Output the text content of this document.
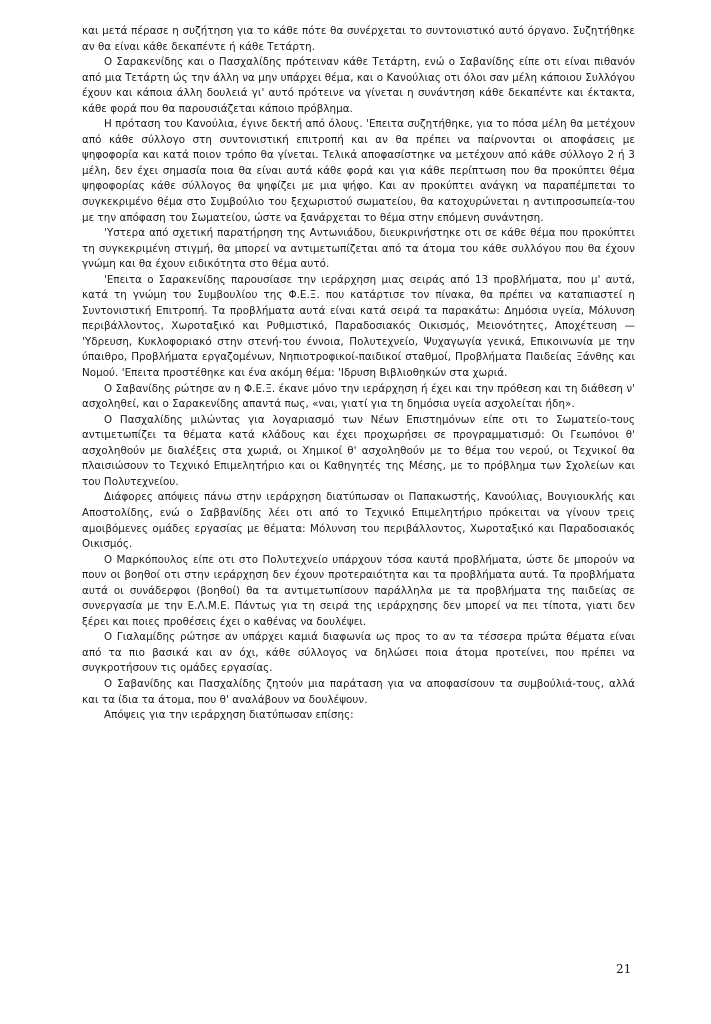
και μετά πέρασε η συζήτηση για το κάθε πότε θα συνέρχεται το συντονιστικό αυτό όργανο. Συζητήθηκε αν θα είναι κάθε δεκαπέντε ή κάθε Τετάρτη.

Ο Σαρακενίδης και ο Πασχαλίδης πρότειναν κάθε Τετάρτη, ενώ ο Σαβανίδης είπε οτι είναι πιθανόν από μια Τετάρτη ώς την άλλη να μην υπάρχει θέμα, και ο Κανούλιας οτι όλοι σαν μέλη κάποιου Συλλόγου έχουν και κάποια άλλη δουλειά γι' αυτό πρότεινε να γίνεται η συνάντηση κάθε δεκαπέντε και έκτακτα, κάθε φορά που θα παρουσιάζεται κάποιο πρόβλημα.

Η πρόταση του Κανούλια, έγινε δεκτή από όλους. 'Επειτα συζητήθηκε, για το πόσα μέλη θα μετέχουν από κάθε σύλλογο στη συντονιστική επιτροπή και αν θα πρέπει να παίρνονται οι αποφάσεις με ψηφοφορία και κατά ποιον τρόπο θα γίνεται. Τελικά αποφασίστηκε να μετέχουν από κάθε σύλλογο 2 ή 3 μέλη, δεν έχει σημασία ποια θα είναι αυτά κάθε φορά και για κάθε περίπτωση που θα προκύπτει θέμα ψηφοφορίας κάθε σύλλογος θα ψηφίζει με μια ψήφο. Και αν προκύπτει ανάγκη να παραπέμπεται το συγκεκριμένο θέμα στο Συμβούλιο του ξεχωριστού σωματείου, θα κατοχυρώνεται η αντιπροσωπεία-του με την απόφαση του Σωματείου, ώστε να ξανάρχεται το θέμα στην επόμενη συνάντηση.

'Υστερα από σχετική παρατήρηση της Αντωνιάδου, διευκρινήστηκε οτι σε κάθε θέμα που προκύπτει τη συγκεκριμένη στιγμή, θα μπορεί να αντιμετωπίζεται από τα άτομα του κάθε συλλόγου που θα έχουν γνώμη και θα έχουν ειδικότητα στο θέμα αυτό.

'Επειτα ο Σαρακενίδης παρουσίασε την ιεράρχηση μιας σειράς από 13 προβλήματα, που μ' αυτά, κατά τη γνώμη του Συμβουλίου της Φ.Ε.Ξ. που κατάρτισε τον πίνακα, θα πρέπει να καταπιαστεί η Συντονιστική Επιτροπή. Τα προβλήματα αυτά είναι κατά σειρά τα παρακάτω: Δημόσια υγεία, Μόλυνση περιβάλλοντος, Χωροταξικό και Ρυθμιστικό, Παραδοσιακός Οικισμός, Μειονότητες, Αποχέτευση — 'Υδρευση, Κυκλοφοριακό στην στενή-του έννοια, Πολυτεχνείο, Ψυχαγωγία γενικά, Επικοινωνία με την ύπαιθρο, Προβλήματα εργαζομένων, Νηπιοτροφικοί-παιδικοί σταθμοί, Προβλήματα Παιδείας Ξάνθης και Νομού. 'Επειτα προστέθηκε και ένα ακόμη θέμα: 'Ιδρυση Βιβλιοθηκών στα χωριά.

Ο Σαβανίδης ρώτησε αν η Φ.Ε.Ξ. έκανε μόνο την ιεράρχηση ή έχει και την πρόθεση και τη διάθεση ν' ασχοληθεί, και ο Σαρακενίδης απαντά πως, «ναι, γιατί για τη δημόσια υγεία ασχολείται ήδη».

Ο Πασχαλίδης μιλώντας για λογαριασμό των Νέων Επιστημόνων είπε οτι το Σωματείο-τους αντιμετωπίζει τα θέματα κατά κλάδους και έχει προχωρήσει σε προγραμματισμό: Οι Γεωπόνοι θ' ασχοληθούν με διαλέξεις στα χωριά, οι Χημικοί θ' ασχοληθούν με το θέμα του νερού, οι Τεχνικοί θα πλαισιώσουν το Τεχνικό Επιμελητήριο και οι Καθηγητές της Μέσης, με το πρόβλημα των Σχολείων και του Πολυτεχνείου.

Διάφορες απόψεις πάνω στην ιεράρχηση διατύπωσαν οι Παπακωστής, Κανούλιας, Βουγιουκλής και Αποστολίδης, ενώ ο Σαββανίδης λέει οτι από το Τεχνικό Επιμελητήριο πρόκειται να γίνουν τρεις αμοιβόμενες ομάδες εργασίας με θέματα: Μόλυνση του περιβάλλοντος, Χωροταξικό και Παραδοσιακός Οικισμός.

Ο Μαρκόπουλος είπε οτι στο Πολυτεχνείο υπάρχουν τόσα καυτά προβλήματα, ώστε δε μπορούν να πουν οι βοηθοί οτι στην ιεράρχηση δεν έχουν προτεραιότητα και τα προβλήματα αυτά. Τα προβλήματα αυτά οι συνάδερφοι (βοηθοί) θα τα αντιμετωπίσουν παράλληλα με τα προβλήματα της παιδείας σε συνεργασία με την Ε.Λ.Μ.Ε. Πάντως για τη σειρά της ιεράρχησης δεν μπορεί να πει τίποτα, γιατι δεν ξέρει και ποιες προθέσεις έχει ο καθένας να δουλέψει.

Ο Γιαλαμίδης ρώτησε αν υπάρχει καμιά διαφωνία ως προς το αν τα τέσσερα πρώτα θέματα είναι από τα πιο βασικά και αν όχι, κάθε σύλλογος να δηλώσει ποια άτομα προτείνει, που πρέπει να συγκροτήσουν τις ομάδες εργασίας.

Ο Σαβανίδης και Πασχαλίδης ζητούν μια παράταση για να αποφασίσουν τα συμβούλιά-τους, αλλά και τα ίδια τα άτομα, που θ' αναλάβουν να δουλέψουν.

Απόψεις για την ιεράρχηση διατύπωσαν επίσης:

21
